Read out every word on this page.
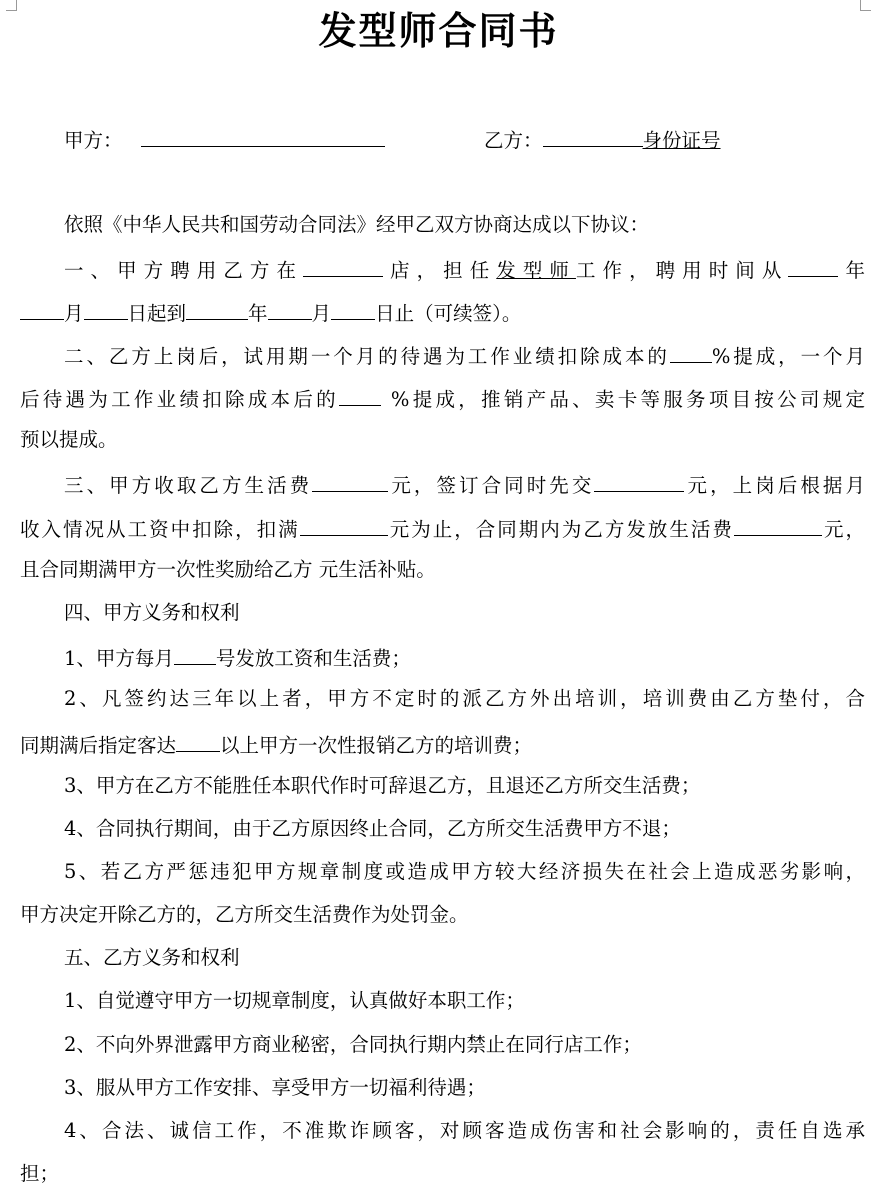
发型师合同书
甲方：	乙方：	身份证号
依照《中华人民共和国劳动合同法》经甲乙双方协商达成以下协议：
一、甲方聘用乙方在	店，担任发型师工作，聘用时间从	年
月 日起到	年 月 日止（可续签）。
二、乙方上岗后，试用期一个月的待遇为工作业绩扣除成本的 %提成，一个月
后待遇为工作业绩扣除成本后的	%提成，推销产品、卖卡等服务项目按公司规定
预以提成。
三、甲方收取乙方生活费	元，签订合同时先交	元，上岗后根据月
收入情况从工资中扣除，扣满	元为止，合同期内为乙方发放生活费	元，
且合同期满甲方一次性奖励给乙方 元生活补贴。
四、甲方义务和权利
1、甲方每月 号发放工资和生活费；
2、凡签约达三年以上者，甲方不定时的派乙方外出培训，培训费由乙方垫付，合
同期满后指定客达 以上甲方一次性报销乙方的培训费；
3、甲方在乙方不能胜任本职代作时可辞退乙方，且退还乙方所交生活费；
4、合同执行期间，由于乙方原因终止合同，乙方所交生活费甲方不退；
5、若乙方严惩违犯甲方规章制度或造成甲方较大经济损失在社会上造成恶劣影响，
甲方决定开除乙方的，乙方所交生活费作为处罚金。
五、乙方义务和权利
1、自觉遵守甲方一切规章制度，认真做好本职工作；
2、不向外界泄露甲方商业秘密，合同执行期内禁止在同行店工作；
3、服从甲方工作安排、享受甲方一切福利待遇；
4、合法、诚信工作，不准欺诈顾客，对顾客造成伤害和社会影响的，责任自选承
担；
